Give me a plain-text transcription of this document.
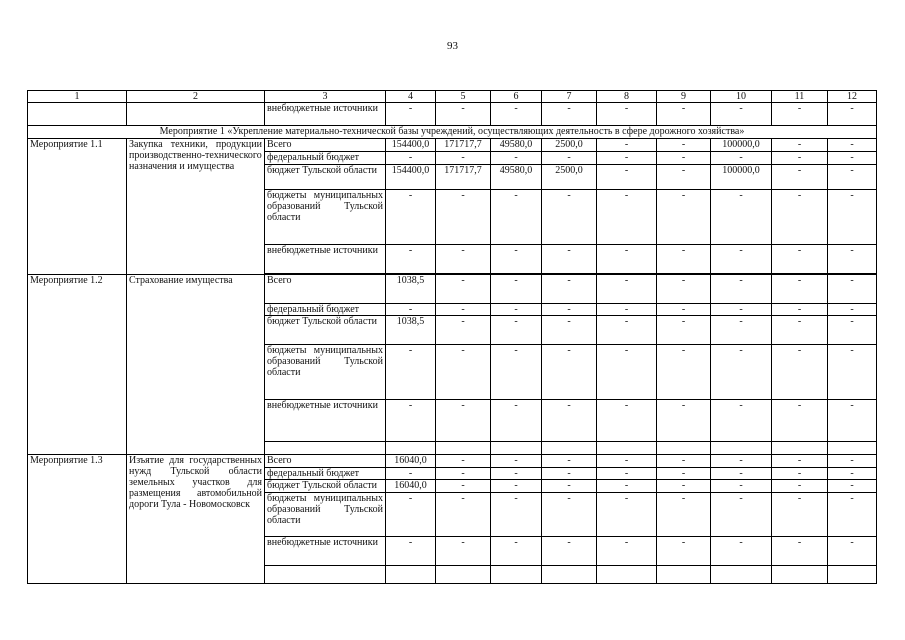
93
1	2	3	4	5	6	7	8	9	10	11	12
		внебюджетные источники	-	-	-	-	-	-	-	-	-
Мероприятие 1 «Укрепление материально-технической базы учреждений, осуществляющих деятельность в сфере дорожного хозяйства»											
Мероприятие 1.1	Закупка техники, продукции производственно-технического назначения и имущества	Всего	154400,0	171717,7	49580,0	2500,0	-	-	100000,0	-	-
		федеральный бюджет	-	-	-	-	-	-	-	-	-
		бюджет Тульской области	154400,0	171717,7	49580,0	2500,0	-	-	100000,0	-	-
		бюджеты муниципальных образований Тульской области	-	-	-	-	-	-	-	-	-
		внебюджетные источники	-	-	-	-	-	-	-	-	-

Мероприятие 1.2	Страхование имущества	Всего	1038,5	-	-	-	-	-	-	-	-
		федеральный бюджет	-	-	-	-	-	-	-	-	-
		бюджет Тульской области	1038,5	-	-	-	-	-	-	-	-
		бюджеты муниципальных образований Тульской области	-	-	-	-	-	-	-	-	-
		внебюджетные источники	-	-	-	-	-	-	-	-	-

Мероприятие 1.3	Изъятие для государственных нужд Тульской области земельных участков для размещения автомобильной дороги Тула - Новомосковск	Всего	16040,0	-	-	-	-	-	-	-	-
		федеральный бюджет	-	-	-	-	-	-	-	-	-
		бюджет Тульской области	16040,0	-	-	-	-	-	-	-	-
		бюджеты муниципальных образований Тульской области	-	-	-	-	-	-	-	-	-
		внебюджетные источники	-	-	-	-	-	-	-	-	-
